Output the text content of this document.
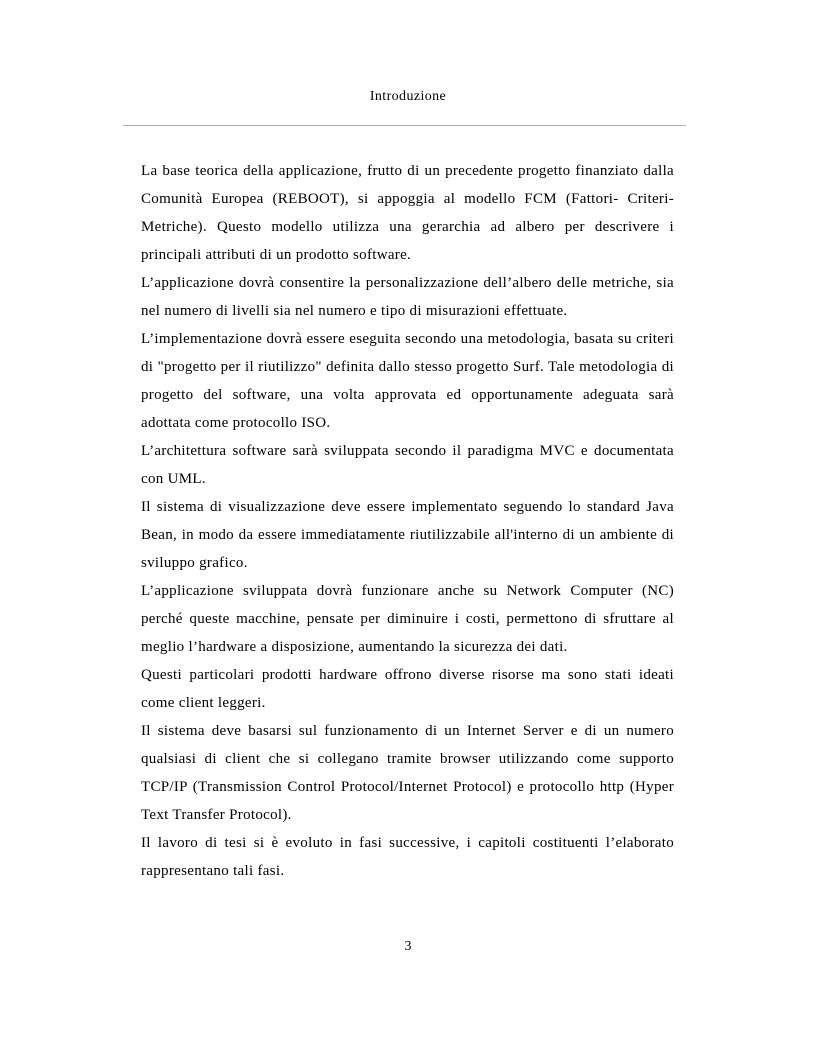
Introduzione

La base teorica della applicazione, frutto di un precedente progetto finanziato dalla Comunità Europea (REBOOT), si appoggia al modello FCM (Fattori- Criteri- Metriche). Questo modello utilizza una gerarchia ad albero per descrivere i principali attributi di un prodotto software.

L’applicazione dovrà consentire la personalizzazione dell’albero delle metriche, sia nel numero di livelli sia nel numero e tipo di misurazioni effettuate.

L’implementazione dovrà essere eseguita secondo una metodologia, basata su criteri di "progetto per il riutilizzo" definita dallo stesso progetto Surf. Tale metodologia di progetto del software, una volta approvata ed opportunamente adeguata sarà adottata come protocollo ISO.

L’architettura software sarà sviluppata secondo il paradigma MVC e documentata con UML.

Il sistema di visualizzazione deve essere implementato seguendo lo standard Java Bean, in modo da essere immediatamente riutilizzabile all'interno di un ambiente di sviluppo grafico.

L’applicazione sviluppata dovrà funzionare anche su Network Computer (NC) perché queste macchine, pensate per diminuire i costi, permettono di sfruttare al meglio l’hardware a disposizione, aumentando la sicurezza dei dati.

Questi particolari prodotti hardware offrono diverse risorse ma sono stati ideati come client leggeri.

Il sistema deve basarsi sul funzionamento di un Internet Server e di un numero qualsiasi di client che si collegano tramite browser utilizzando come supporto TCP/IP (Transmission Control Protocol/Internet Protocol) e protocollo http (Hyper Text Transfer Protocol).

Il lavoro di tesi si è evoluto in fasi successive, i capitoli costituenti l’elaborato rappresentano tali fasi.

3
